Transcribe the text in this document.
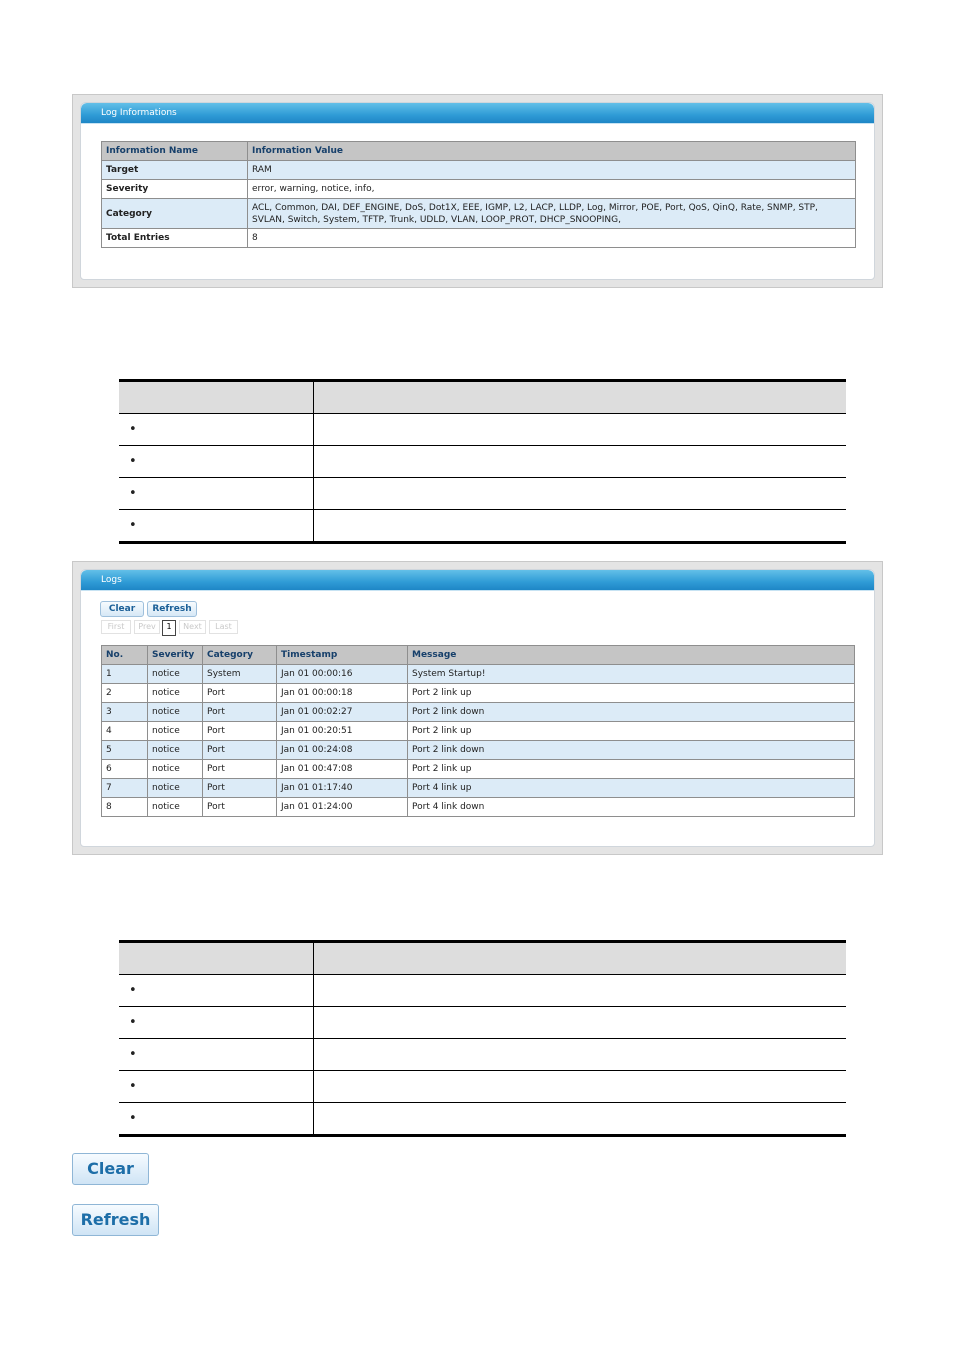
Log Informations
Information Name	Information Value
Target	RAM
Severity	error, warning, notice, info,
Category	ACL, Common, DAI, DEF_ENGINE, DoS, Dot1X, EEE, IGMP, L2, LACP, LLDP, Log, Mirror, POE, Port, QoS, QinQ, Rate, SNMP, STP,
SVLAN, Switch, System, TFTP, Trunk, UDLD, VLAN, LOOP_PROT, DHCP_SNOOPING,

Total Entries	8

•	
•	
•	
•	
Logs
Clear	Refresh
First	Prev	1	Next	Last
No.	Severity	Category	Timestamp	Message
1	notice	System	Jan 01 00:00:16	System Startup!
2	notice	Port	Jan 01 00:00:18	Port 2 link up
3	notice	Port	Jan 01 00:02:27	Port 2 link down
4	notice	Port	Jan 01 00:20:51	Port 2 link up
5	notice	Port	Jan 01 00:24:08	Port 2 link down
6	notice	Port	Jan 01 00:47:08	Port 2 link up
7	notice	Port	Jan 01 01:17:40	Port 4 link up
8	notice	Port	Jan 01 01:24:00	Port 4 link down

•	
•	
•	
•	
•	
Clear
Refresh
